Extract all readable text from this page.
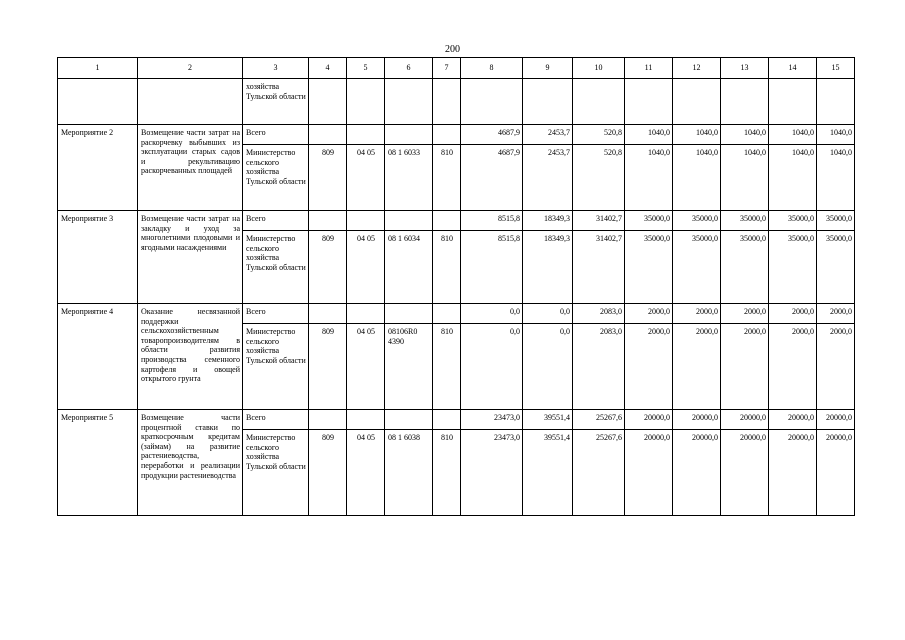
200
1	2	3	4	5	6	7	8	9	10	11	12	13	14	15
		хозяйства Тульской области												
Мероприятие 2	Возмещение части затрат на раскорчевку выбывших из эксплуатации старых садов и рекультивацию раскорчеванных площадей	Всего					4687,9	2453,7	520,8	1040,0	1040,0	1040,0	1040,0	1040,0
		Министерство сельского хозяйства Тульской области	809	04 05	08 1 6033	810	4687,9	2453,7	520,8	1040,0	1040,0	1040,0	1040,0	1040,0
Мероприятие 3	Возмещение части затрат на закладку и уход за многолетними плодовыми и ягодными насаждениями	Всего					8515,8	18349,3	31402,7	35000,0	35000,0	35000,0	35000,0	35000,0
		Министерство сельского хозяйства Тульской области	809	04 05	08 1 6034	810	8515,8	18349,3	31402,7	35000,0	35000,0	35000,0	35000,0	35000,0
Мероприятие 4	Оказание несвязанной поддержки сельскохозяйственным товаропроизводителям в области развития производства семенного картофеля и овощей открытого грунта	Всего					0,0	0,0	2083,0	2000,0	2000,0	2000,0	2000,0	2000,0
		Министерство сельского хозяйства Тульской области	809	04 05	08106R0 4390	810	0,0	0,0	2083,0	2000,0	2000,0	2000,0	2000,0	2000,0
Мероприятие 5	Возмещение части процентной ставки по краткосрочным кредитам (займам) на развитие растениеводства, переработки и реализации продукции растениеводства	Всего					23473,0	39551,4	25267,6	20000,0	20000,0	20000,0	20000,0	20000,0
		Министерство сельского хозяйства Тульской области	809	04 05	08 1 6038	810	23473,0	39551,4	25267,6	20000,0	20000,0	20000,0	20000,0	20000,0
